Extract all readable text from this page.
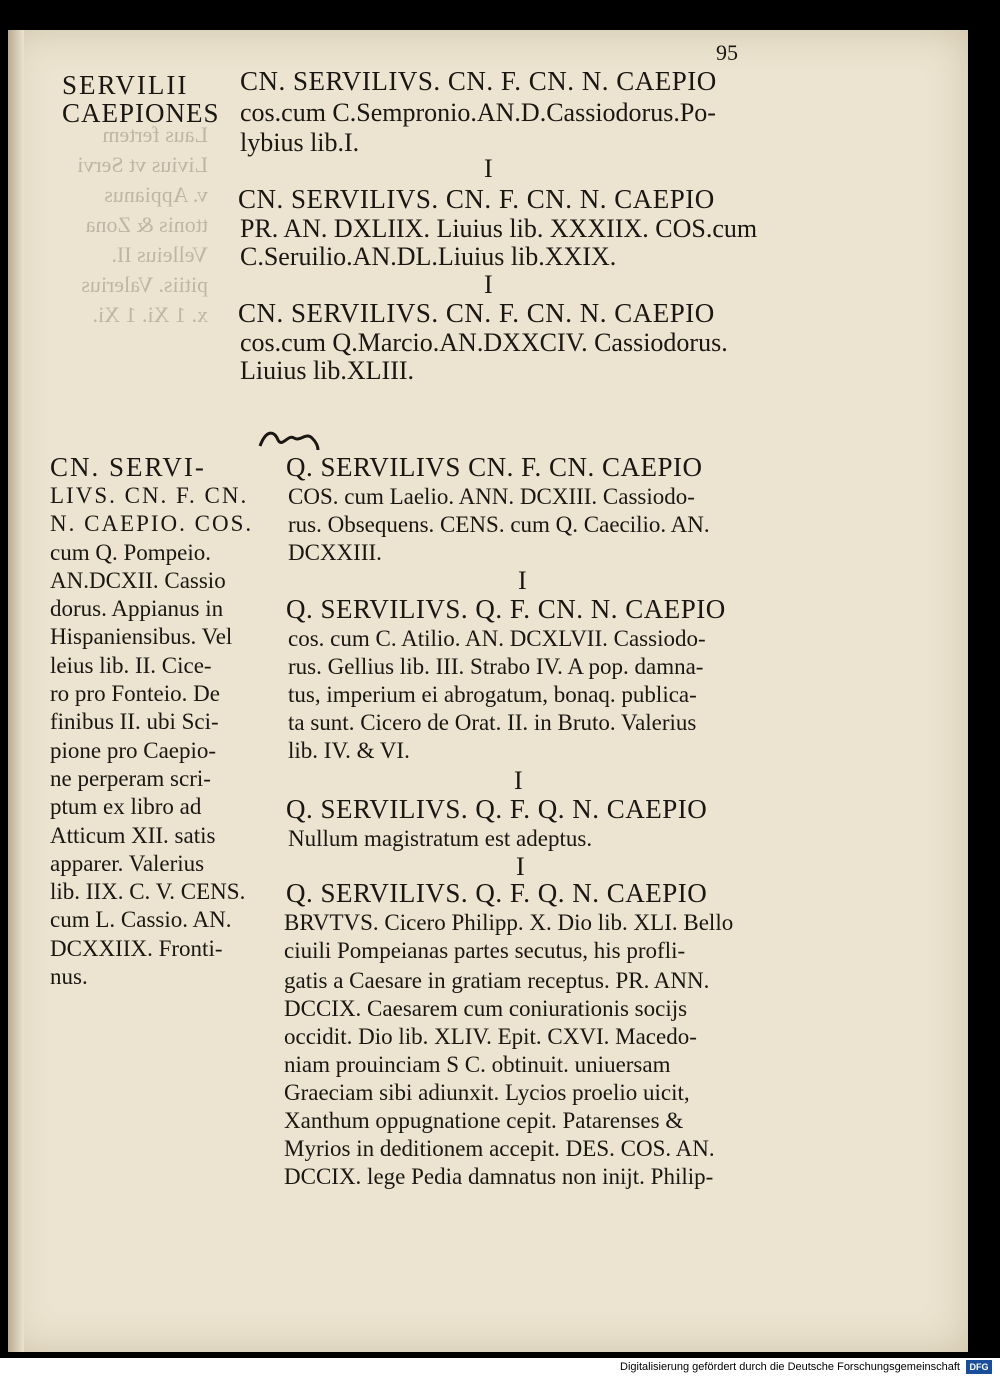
95
SERVILII
CAEPIONES
Laus fertem
Livius vt Servi
v. Appianus
ttonis & Zona
Velleius II.
pitiis. Valerius
x. 1 Xi. 1 Xi.
CN. SERVILIVS. CN. F. CN. N. CAEPIO
cos.cum C.Sempronio.AN.D.Cassiodorus.Po-
lybius lib.I.
I
CN. SERVILIVS. CN. F. CN. N. CAEPIO
PR. AN. DXLIIX. Liuius lib. XXXIIX. COS.cum
C.Seruilio.AN.DL.Liuius lib.XXIX.
I
CN. SERVILIVS. CN. F. CN. N. CAEPIO
cos.cum Q.Marcio.AN.DXXCIV. Cassiodorus.
Liuius lib.XLIII.
CN. SERVI-
LIVS. CN. F. CN.
N. CAEPIO. COS.
cum Q. Pompeio.
AN.DCXII. Cassio
dorus. Appianus in
Hispaniensibus. Vel
leius lib. II. Cice-
ro pro Fonteio. De
finibus II. ubi Sci-
pione pro Caepio-
ne perperam scri-
ptum ex libro ad
Atticum XII. satis
apparer. Valerius
lib. IIX. C. V. CENS.
cum L. Cassio. AN.
DCXXIIX. Fronti-
nus.
Q. SERVILIVS CN. F. CN. CAEPIO
COS. cum Laelio. ANN. DCXIII. Cassiodo-
rus. Obsequens. CENS. cum Q. Caecilio. AN.
DCXXIII.
I
Q. SERVILIVS. Q. F. CN. N. CAEPIO
cos. cum C. Atilio. AN. DCXLVII. Cassiodo-
rus. Gellius lib. III. Strabo IV. A pop. damna-
tus, imperium ei abrogatum, bonaq. publica-
ta sunt. Cicero de Orat. II. in Bruto. Valerius
lib. IV. & VI.
I
Q. SERVILIVS. Q. F. Q. N. CAEPIO
Nullum magistratum est adeptus.
I
Q. SERVILIVS. Q. F. Q. N. CAEPIO
BRVTVS. Cicero Philipp. X. Dio lib. XLI. Bello
ciuili Pompeianas partes secutus, his profli-
gatis a Caesare in gratiam receptus. PR. ANN.
DCCIX. Caesarem cum coniurationis socijs
occidit. Dio lib. XLIV. Epit. CXVI. Macedo-
niam prouinciam S C. obtinuit. uniuersam
Graeciam sibi adiunxit. Lycios proelio uicit,
Xanthum oppugnatione cepit. Patarenses &
Myrios in deditionem accepit. DES. COS. AN.
DCCIX. lege Pedia damnatus non inijt. Philip-
Digitalisierung gefördert durch die Deutsche Forschungsgemeinschaft	DFG
